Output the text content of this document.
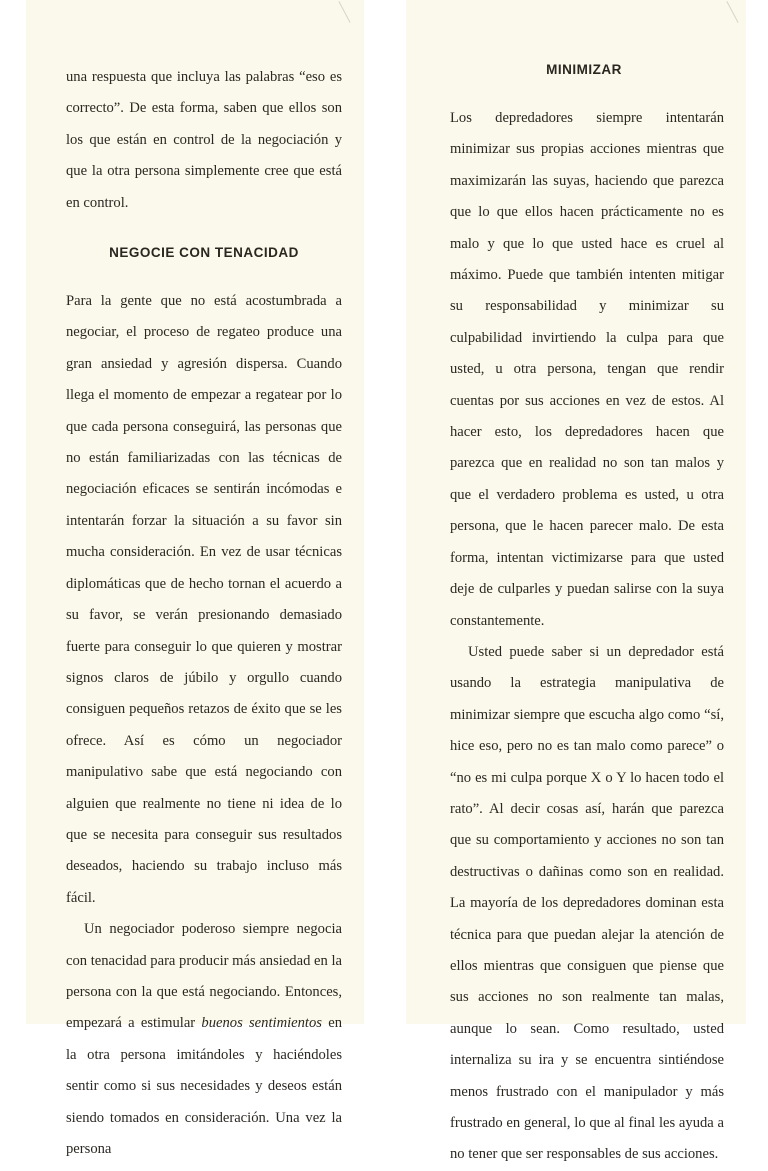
una respuesta que incluya las palabras “eso es correcto”. De esta forma, saben que ellos son los que están en control de la negociación y que la otra persona simplemente cree que está en control.

NEGOCIE CON TENACIDAD

Para la gente que no está acostumbrada a negociar, el proceso de regateo produce una gran ansiedad y agresión dispersa. Cuando llega el momento de empezar a regatear por lo que cada persona conseguirá, las personas que no están familiarizadas con las técnicas de negociación eficaces se sentirán incómodas e intentarán forzar la situación a su favor sin mucha consideración. En vez de usar técnicas diplomáticas que de hecho tornan el acuerdo a su favor, se verán presionando demasiado fuerte para conseguir lo que quieren y mostrar signos claros de júbilo y orgullo cuando consiguen pequeños retazos de éxito que se les ofrece. Así es cómo un negociador manipulativo sabe que está negociando con alguien que realmente no tiene ni idea de lo que se necesita para conseguir sus resultados deseados, haciendo su trabajo incluso más fácil.

Un negociador poderoso siempre negocia con tenacidad para producir más ansiedad en la persona con la que está negociando. Entonces, empezará a estimular buenos sentimientos en la otra persona imitándoles y haciéndoles sentir como si sus necesidades y deseos están siendo tomados en consideración. Una vez la persona

MINIMIZAR

Los depredadores siempre intentarán minimizar sus propias acciones mientras que maximizarán las suyas, haciendo que parezca que lo que ellos hacen prácticamente no es malo y que lo que usted hace es cruel al máximo. Puede que también intenten mitigar su responsabilidad y minimizar su culpabilidad invirtiendo la culpa para que usted, u otra persona, tengan que rendir cuentas por sus acciones en vez de estos. Al hacer esto, los depredadores hacen que parezca que en realidad no son tan malos y que el verdadero problema es usted, u otra persona, que le hacen parecer malo. De esta forma, intentan victimizarse para que usted deje de culparles y puedan salirse con la suya constantemente.

Usted puede saber si un depredador está usando la estrategia manipulativa de minimizar siempre que escucha algo como “sí, hice eso, pero no es tan malo como parece” o “no es mi culpa porque X o Y lo hacen todo el rato”. Al decir cosas así, harán que parezca que su comportamiento y acciones no son tan destructivas o dañinas como son en realidad. La mayoría de los depredadores dominan esta técnica para que puedan alejar la atención de ellos mientras que consiguen que piense que sus acciones no son realmente tan malas, aunque lo sean. Como resultado, usted internaliza su ira y se encuentra sintiéndose menos frustrado con el manipulador y más frustrado en general, lo que al final les ayuda a no tener que ser responsables de sus acciones.
